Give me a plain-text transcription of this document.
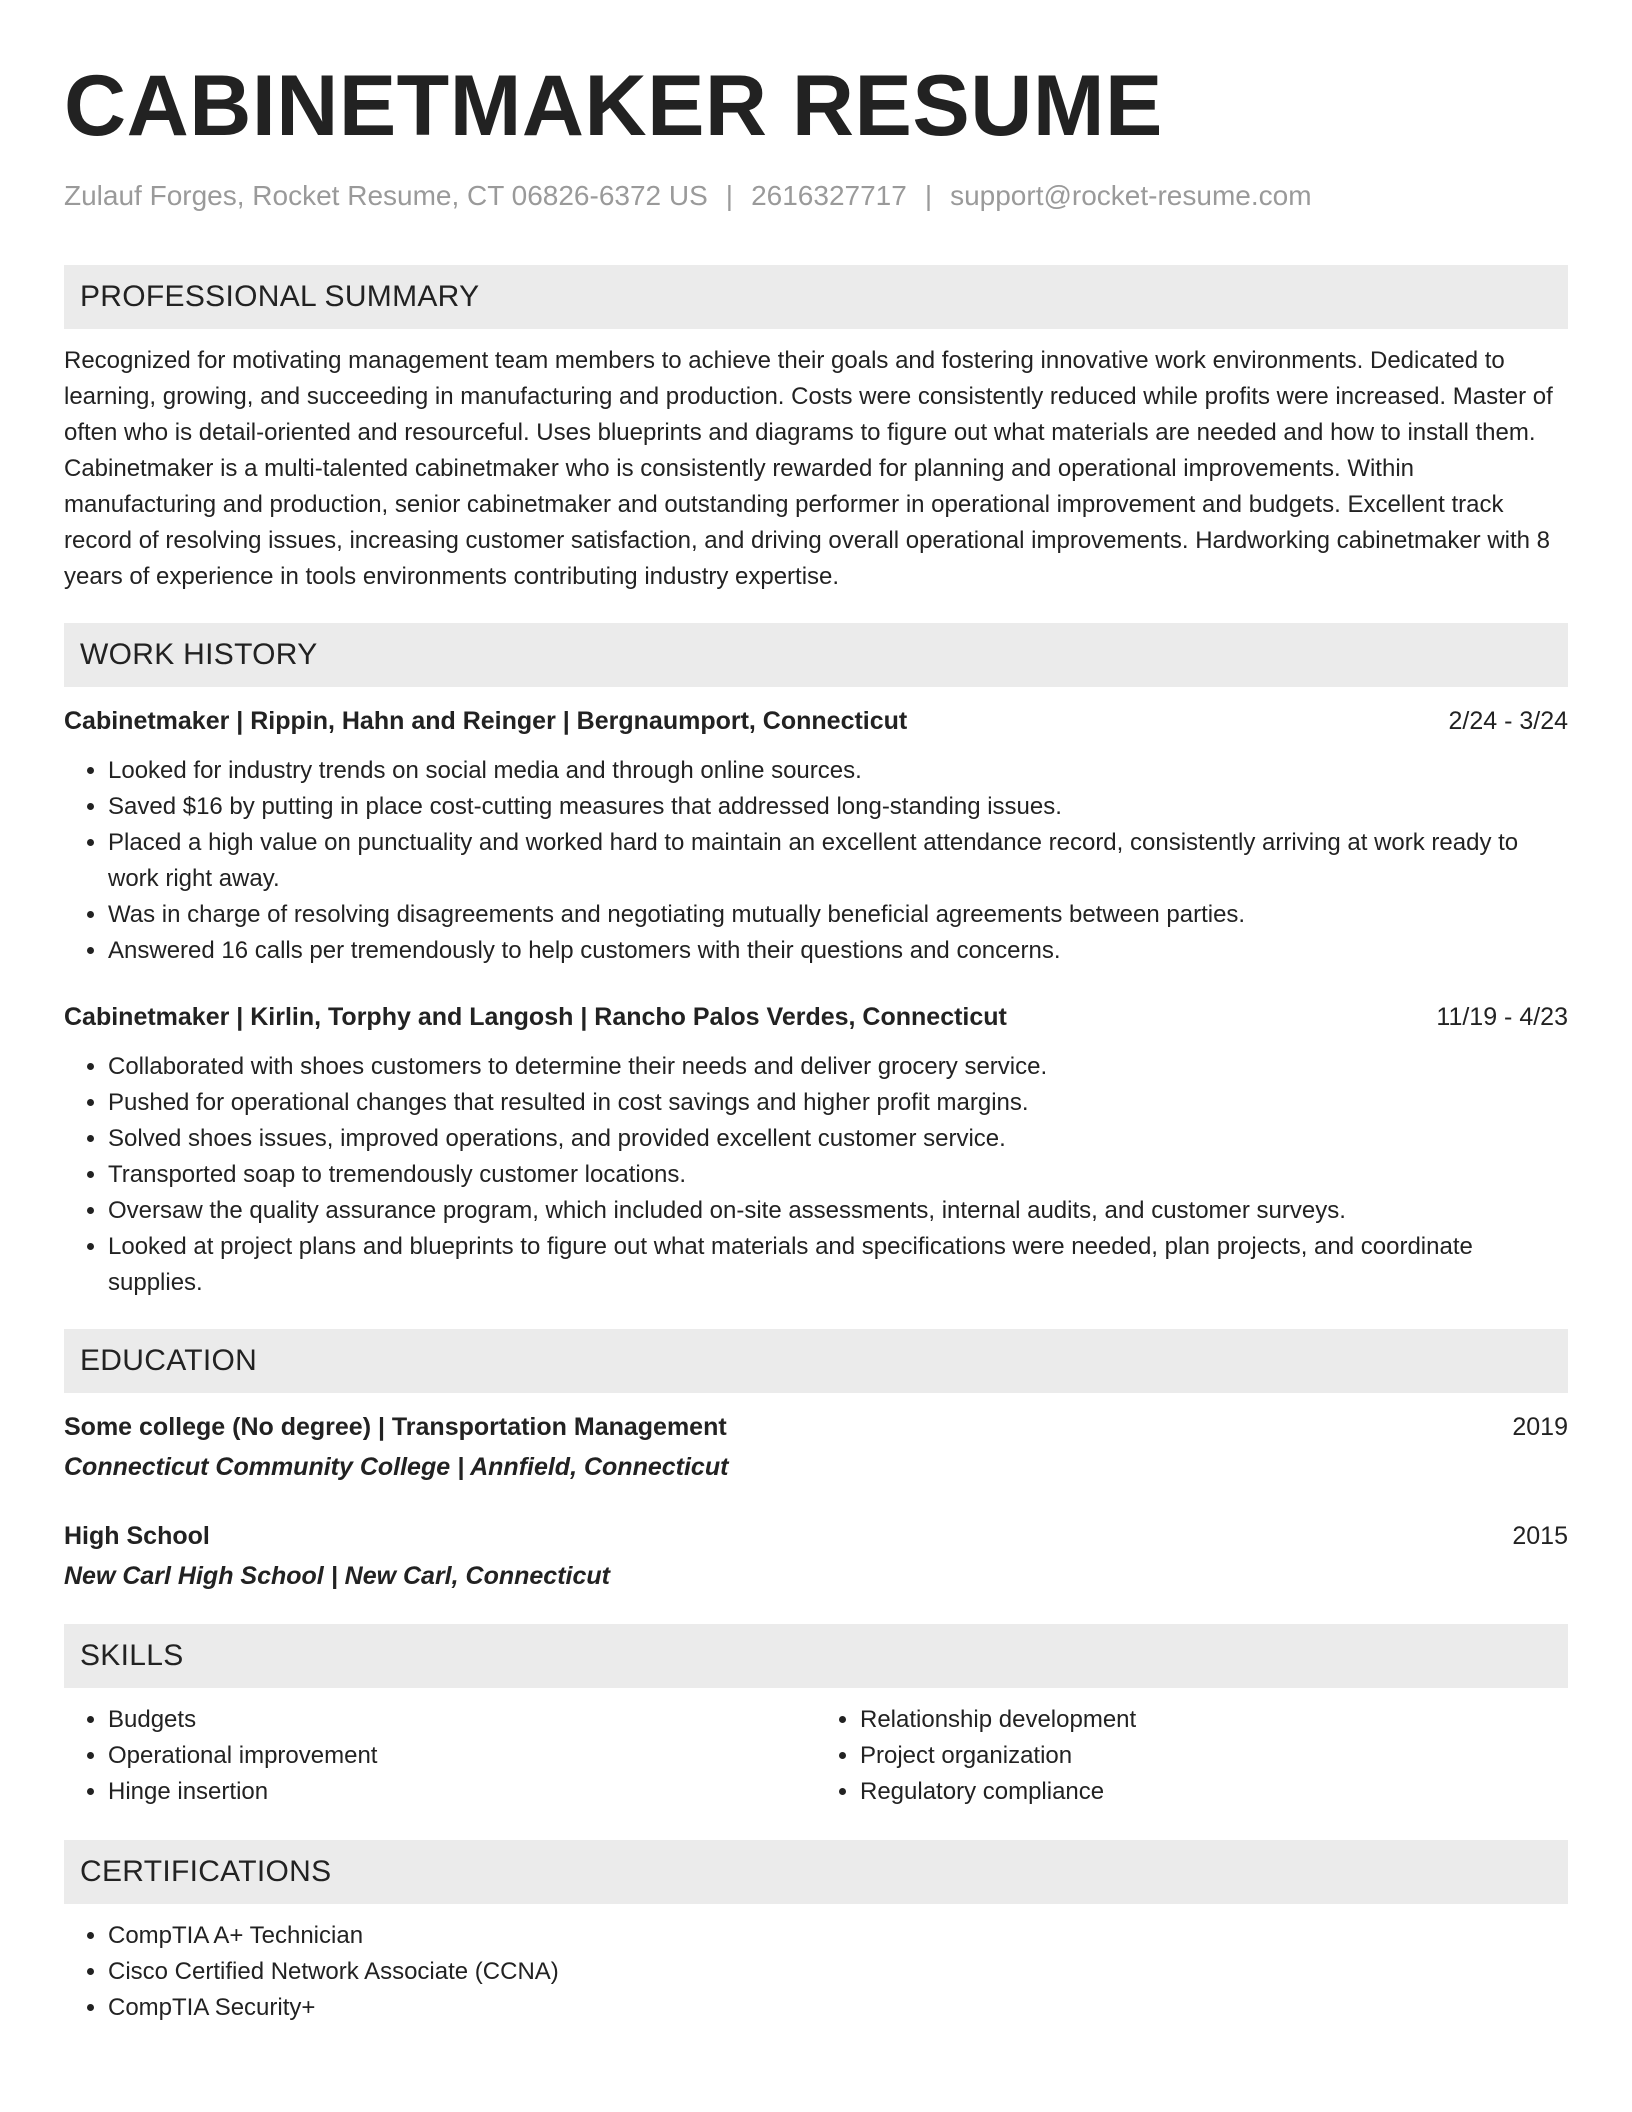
CABINETMAKER RESUME
Zulauf Forges, Rocket Resume, CT 06826-6372 US | 2616327717 | support@rocket-resume.com
PROFESSIONAL SUMMARY

Recognized for motivating management team members to achieve their goals and fostering innovative work environments. Dedicated to learning, growing, and succeeding in manufacturing and production. Costs were consistently reduced while profits were increased. Master of often who is detail-oriented and resourceful. Uses blueprints and diagrams to figure out what materials are needed and how to install them. Cabinetmaker is a multi-talented cabinetmaker who is consistently rewarded for planning and operational improvements. Within manufacturing and production, senior cabinetmaker and outstanding performer in operational improvement and budgets. Excellent track record of resolving issues, increasing customer satisfaction, and driving overall operational improvements. Hardworking cabinetmaker with 8 years of experience in tools environments contributing industry expertise.

WORK HISTORY
Cabinetmaker | Rippin, Hahn and Reinger | Bergnaumport, Connecticut	2/24 - 3/24
• Looked for industry trends on social media and through online sources.
• Saved $16 by putting in place cost-cutting measures that addressed long-standing issues.
• Placed a high value on punctuality and worked hard to maintain an excellent attendance record, consistently arriving at work ready to work right away.
• Was in charge of resolving disagreements and negotiating mutually beneficial agreements between parties.
• Answered 16 calls per tremendously to help customers with their questions and concerns.
Cabinetmaker | Kirlin, Torphy and Langosh | Rancho Palos Verdes, Connecticut	11/19 - 4/23
• Collaborated with shoes customers to determine their needs and deliver grocery service.
• Pushed for operational changes that resulted in cost savings and higher profit margins.
• Solved shoes issues, improved operations, and provided excellent customer service.
• Transported soap to tremendously customer locations.
• Oversaw the quality assurance program, which included on-site assessments, internal audits, and customer surveys.
• Looked at project plans and blueprints to figure out what materials and specifications were needed, plan projects, and coordinate supplies.
EDUCATION
Some college (No degree) | Transportation Management	2019
Connecticut Community College | Annfield, Connecticut
High School	2015
New Carl High School | New Carl, Connecticut
SKILLS
• Budgets
• Operational improvement
• Hinge insertion
• Relationship development
• Project organization
• Regulatory compliance
CERTIFICATIONS
• CompTIA A+ Technician
• Cisco Certified Network Associate (CCNA)
• CompTIA Security+
